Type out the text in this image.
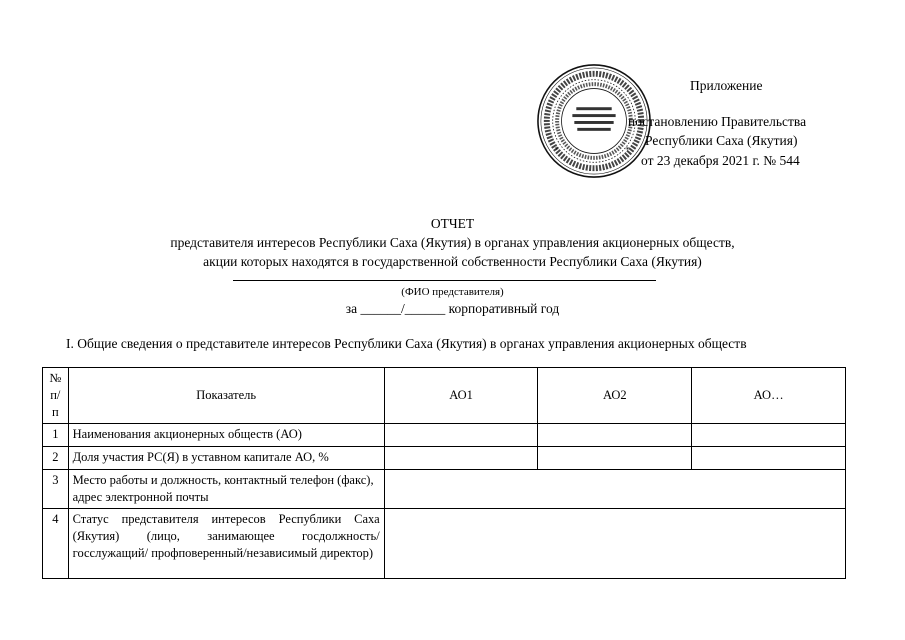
*	*
Приложение
постановлению Правительства
Республики Саха (Якутия)
от 23 декабря 2021 г. № 544
ОТЧЕТ
представителя интересов Республики Саха (Якутия) в органах управления акционерных обществ,
акции которых находятся в государственной собственности Республики Саха (Якутия)
(ФИО представителя)
за ______/______ корпоративный год
I. Общие сведения о представителе интересов Республики Саха (Якутия) в органах управления акционерных обществ
№
п/п	Показатель	АО1	АО2	АО…
1	Наименования акционерных обществ (АО)			
2	Доля участия РС(Я) в уставном капитале АО, %			
3	Место работы и должность, контактный телефон (факс), адрес электронной почты			
4	Статус представителя интересов Республики Саха (Якутия) (лицо, занимающее госдолжность/госслужащий/ профповеренный/независимый директор)			
